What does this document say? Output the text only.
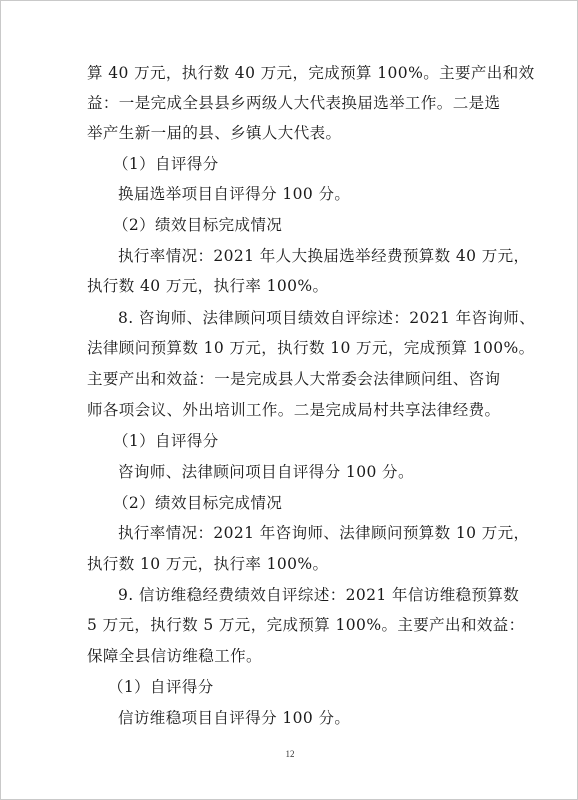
算 40 万元，执行数 40 万元，完成预算 100%。主要产出和效
益：一是完成全县县乡两级人大代表换届选举工作。二是选
举产生新一届的县、乡镇人大代表。
（1）自评得分
换届选举项目自评得分 100 分。
（2）绩效目标完成情况
执行率情况：2021 年人大换届选举经费预算数 40 万元，
执行数 40 万元，执行率 100%。
8. 咨询师、法律顾问项目绩效自评综述：2021 年咨询师、
法律顾问预算数 10 万元，执行数 10 万元，完成预算 100%。
主要产出和效益：一是完成县人大常委会法律顾问组、咨询
师各项会议、外出培训工作。二是完成局村共享法律经费。
（1）自评得分
咨询师、法律顾问项目自评得分 100 分。
（2）绩效目标完成情况
执行率情况：2021 年咨询师、法律顾问预算数 10 万元，
执行数 10 万元，执行率 100%。
9. 信访维稳经费绩效自评综述：2021 年信访维稳预算数
5 万元，执行数 5 万元，完成预算 100%。主要产出和效益：
保障全县信访维稳工作。
（1）自评得分
信访维稳项目自评得分 100 分。
12
